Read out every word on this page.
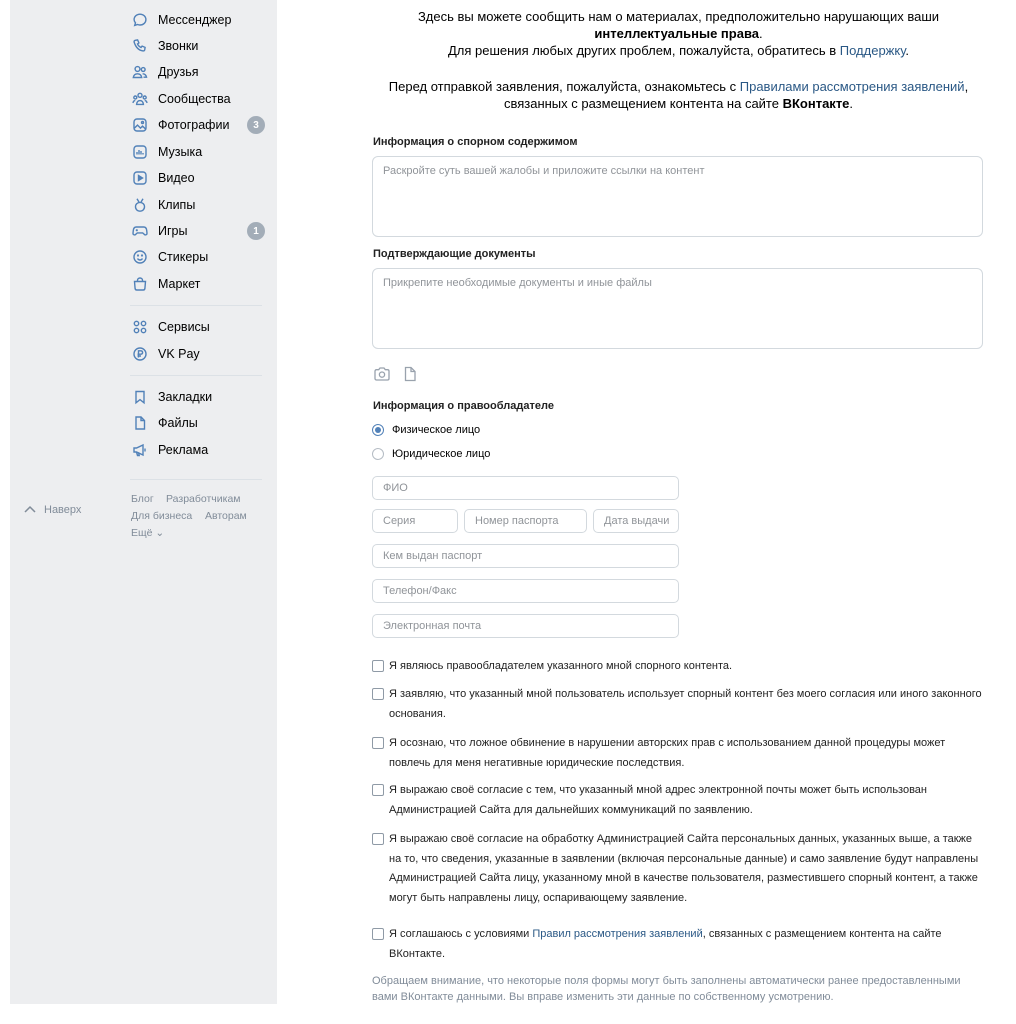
Мессенджер
Звонки
Друзья
Сообщества
Фотографии	3
Музыка
Видео
Клипы
Игры	1
Стикеры
Маркет
Сервисы
VK Pay
Закладки
Файлы
Реклама
Наверх
Блог Разработчикам
Для бизнеса Авторам
Ещё ⌄
Здесь вы можете сообщить нам о материалах, предположительно нарушающих ваши
интеллектуальные права.
Для решения любых других проблем, пожалуйста, обратитесь в Поддержку.
Перед отправкой заявления, пожалуйста, ознакомьтесь с Правилами рассмотрения заявлений,
связанных с размещением контента на сайте ВКонтакте.
Информация о спорном содержимом
Раскройте суть вашей жалобы и приложите ссылки на контент
Подтверждающие документы
Прикрепите необходимые документы и иные файлы
Информация о правообладателе
Физическое лицо
Юридическое лицо
ФИО
Серия	Номер паспорта	Дата выдачи
Кем выдан паспорт
Телефон/Факс
Электронная почта
Я являюсь правообладателем указанного мной спорного контента.
Я заявляю, что указанный мной пользователь использует спорный контент без моего согласия или иного законного основания.
Я осознаю, что ложное обвинение в нарушении авторских прав с использованием данной процедуры может повлечь для меня негативные юридические последствия.
Я выражаю своё согласие с тем, что указанный мной адрес электронной почты может быть использован Администрацией Сайта для дальнейших коммуникаций по заявлению.
Я выражаю своё согласие на обработку Администрацией Сайта персональных данных, указанных выше, а также на то, что сведения, указанные в заявлении (включая персональные данные) и само заявление будут направлены Администрацией Сайта лицу, указанному мной в качестве пользователя, разместившего спорный контент, а также могут быть направлены лицу, оспаривающему заявление.
Я соглашаюсь с условиями Правил рассмотрения заявлений, связанных с размещением контента на сайте ВКонтакте.
Обращаем внимание, что некоторые поля формы могут быть заполнены автоматически ранее предоставленными вами ВКонтакте данными. Вы вправе изменить эти данные по собственному усмотрению.
